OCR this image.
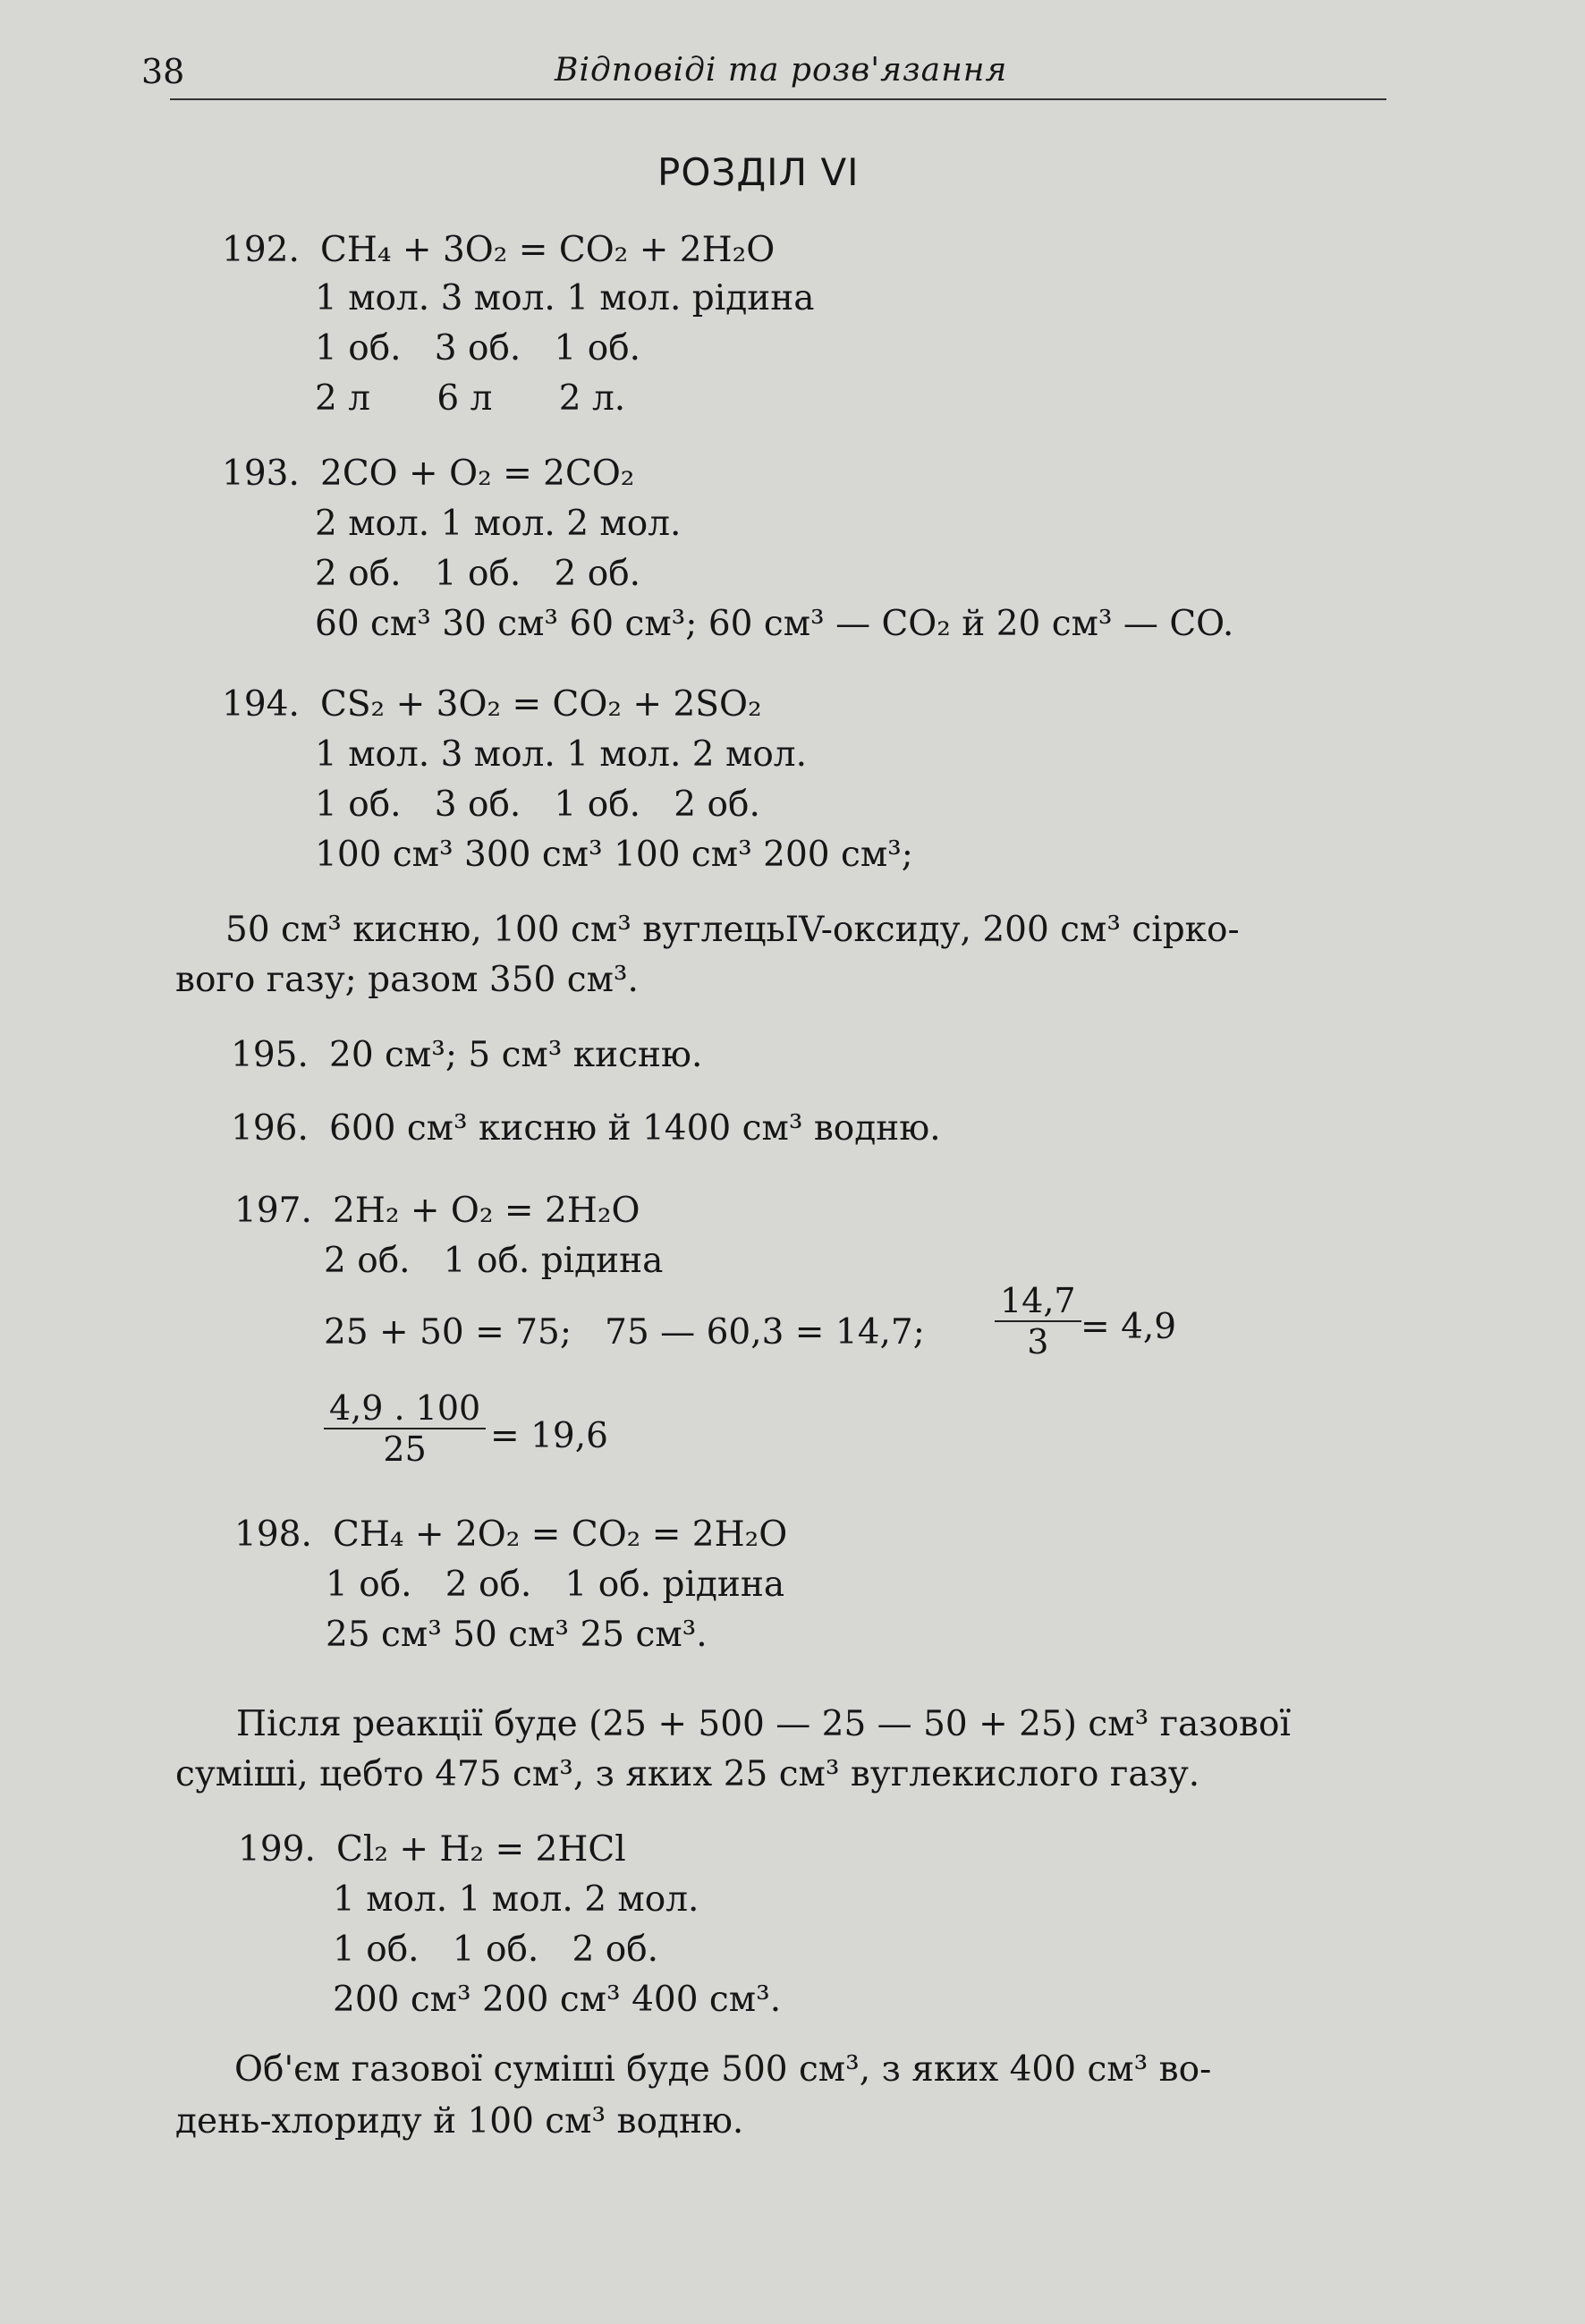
38	Відповіді та розв'язання
РОЗДІЛ VI
192. CH₄ + 3O₂ = CO₂ + 2H₂O
1 мол. 3 мол. 1 мол. рідина
1 об.   3 об.   1 об.
2 л      6 л      2 л.
193. 2CO + O₂ = 2CO₂
2 мол. 1 мол. 2 мол.
2 об.   1 об.   2 об.
60 см³ 30 см³ 60 см³; 60 см³ — CO₂ й 20 см³ — CO.
194. CS₂ + 3O₂ = CO₂ + 2SO₂
1 мол. 3 мол. 1 мол. 2 мол.
1 об.   3 об.   1 об.   2 об.
100 см³ 300 см³ 100 см³ 200 см³;
50 см³ кисню, 100 см³ вуглецьIV-оксиду, 200 см³ сірко-
вого газу; разом 350 см³.
195. 20 см³; 5 см³ кисню.
196. 600 см³ кисню й 1400 см³ водню.
197. 2H₂ + O₂ = 2H₂O
2 об.   1 об. рідина
25 + 50 = 75;   75 — 60,3 = 14,7; $\frac{14,7}{3} = 4,9$
$\frac{4,9 . 100}{25} = 19,6$
198. CH₄ + 2O₂ = CO₂ = 2H₂O
1 об.   2 об.   1 об. рідина
25 см³ 50 см³ 25 см³.
Після реакції буде (25 + 500 — 25 — 50 + 25) см³ газової
суміші, цебто 475 см³, з яких 25 см³ вуглекислого газу.
199. Cl₂ + H₂ = 2HCl
1 мол. 1 мол. 2 мол.
1 об.   1 об.   2 об.
200 см³ 200 см³ 400 см³.
Об'єм газової суміші буде 500 см³, з яких 400 см³ во-
день-хлориду й 100 см³ водню.
